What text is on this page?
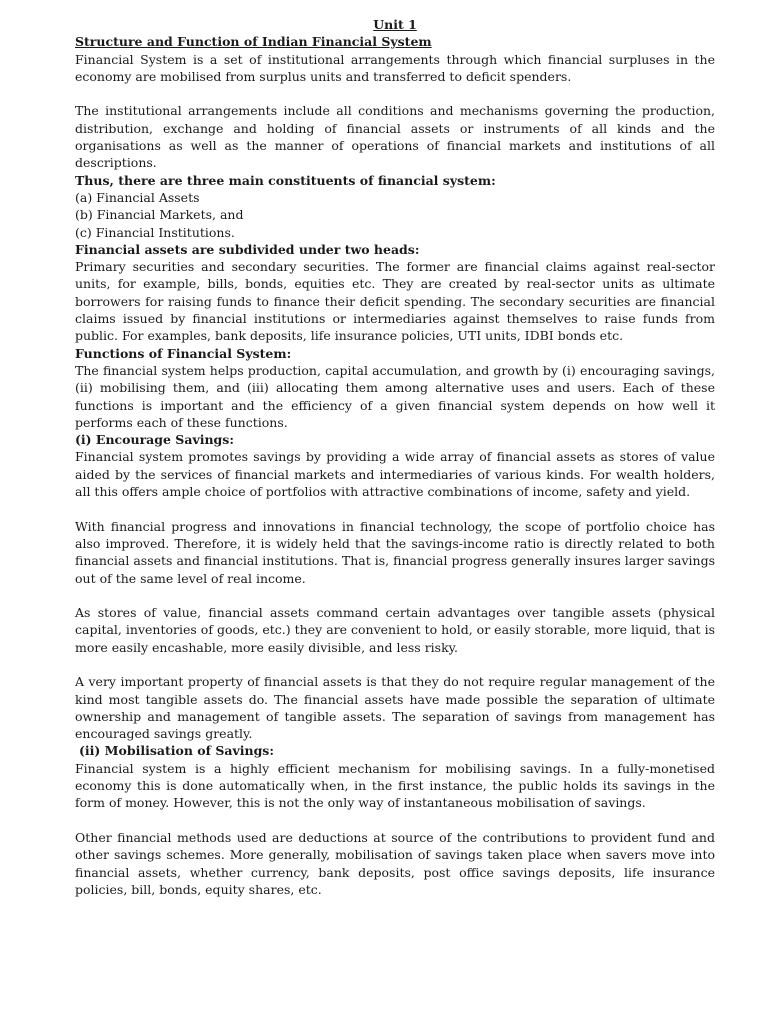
Unit 1

Structure and Function of Indian Financial System

Financial System is a set of institutional arrangements through which financial surpluses in the economy are mobilised from surplus units and transferred to deficit spenders.

The institutional arrangements include all conditions and mechanisms governing the production, distribution, exchange and holding of financial assets or instruments of all kinds and the organisations as well as the manner of operations of financial markets and institutions of all descriptions.

Thus, there are three main constituents of financial system:

(a) Financial Assets
(b) Financial Markets, and
(c) Financial Institutions.

Financial assets are subdivided under two heads:

Primary securities and secondary securities. The former are financial claims against real-sector units, for example, bills, bonds, equities etc. They are created by real-sector units as ultimate borrowers for raising funds to finance their deficit spending. The secondary securities are financial claims issued by financial institutions or intermediaries against themselves to raise funds from public. For examples, bank deposits, life insurance policies, UTI units, IDBI bonds etc.

Functions of Financial System:

The financial system helps production, capital accumulation, and growth by (i) encouraging savings, (ii) mobilising them, and (iii) allocating them among alternative uses and users. Each of these functions is important and the efficiency of a given financial system depends on how well it performs each of these functions.

(i) Encourage Savings:

Financial system promotes savings by providing a wide array of financial assets as stores of value aided by the services of financial markets and intermediaries of various kinds. For wealth holders, all this offers ample choice of portfolios with attractive combinations of income, safety and yield.

With financial progress and innovations in financial technology, the scope of portfolio choice has also improved. Therefore, it is widely held that the savings-income ratio is directly related to both financial assets and financial institutions. That is, financial progress generally insures larger savings out of the same level of real income.

As stores of value, financial assets command certain advantages over tangible assets (physical capital, inventories of goods, etc.) they are convenient to hold, or easily storable, more liquid, that is more easily encashable, more easily divisible, and less risky.

A very important property of financial assets is that they do not require regular management of the kind most tangible assets do. The financial assets have made possible the separation of ultimate ownership and management of tangible assets. The separation of savings from management has encouraged savings greatly.

(ii) Mobilisation of Savings:

Financial system is a highly efficient mechanism for mobilising savings. In a fully-monetised economy this is done automatically when, in the first instance, the public holds its savings in the form of money. However, this is not the only way of instantaneous mobilisation of savings.

Other financial methods used are deductions at source of the contributions to provident fund and other savings schemes. More generally, mobilisation of savings taken place when savers move into financial assets, whether currency, bank deposits, post office savings deposits, life insurance policies, bill, bonds, equity shares, etc.
